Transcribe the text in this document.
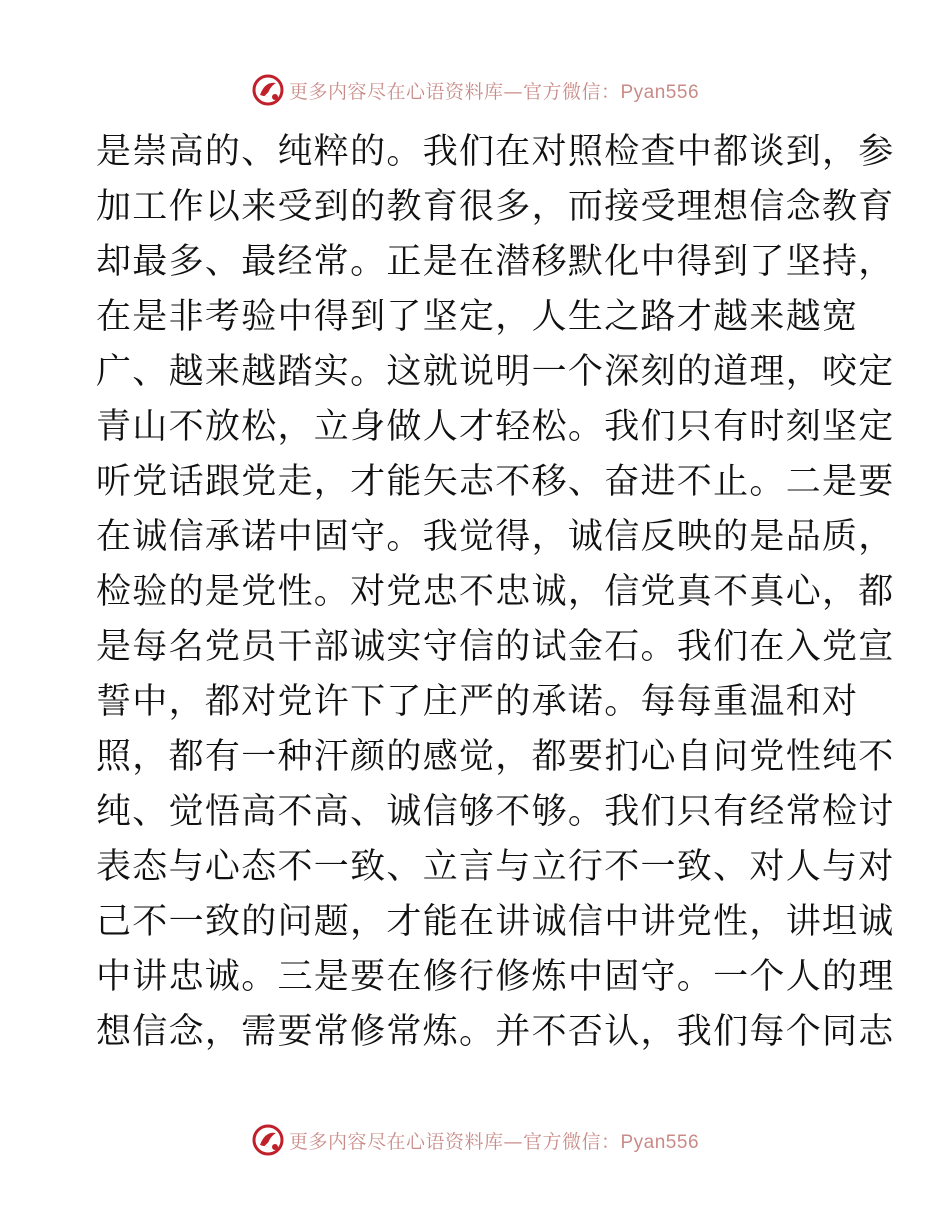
更多内容尽在心语资料库—官方微信：Pyan556
是崇高的、纯粹的。我们在对照检查中都谈到，参
加工作以来受到的教育很多，而接受理想信念教育
却最多、最经常。正是在潜移默化中得到了坚持，
在是非考验中得到了坚定，人生之路才越来越宽
广、越来越踏实。这就说明一个深刻的道理，咬定
青山不放松，立身做人才轻松。我们只有时刻坚定
听党话跟党走，才能矢志不移、奋进不止。二是要
在诚信承诺中固守。我觉得，诚信反映的是品质，
检验的是党性。对党忠不忠诚，信党真不真心，都
是每名党员干部诚实守信的试金石。我们在入党宣
誓中，都对党许下了庄严的承诺。每每重温和对
照，都有一种汗颜的感觉，都要扪心自问党性纯不
纯、觉悟高不高、诚信够不够。我们只有经常检讨
表态与心态不一致、立言与立行不一致、对人与对
己不一致的问题，才能在讲诚信中讲党性，讲坦诚
中讲忠诚。三是要在修行修炼中固守。一个人的理
想信念，需要常修常炼。并不否认，我们每个同志
更多内容尽在心语资料库—官方微信：Pyan556
